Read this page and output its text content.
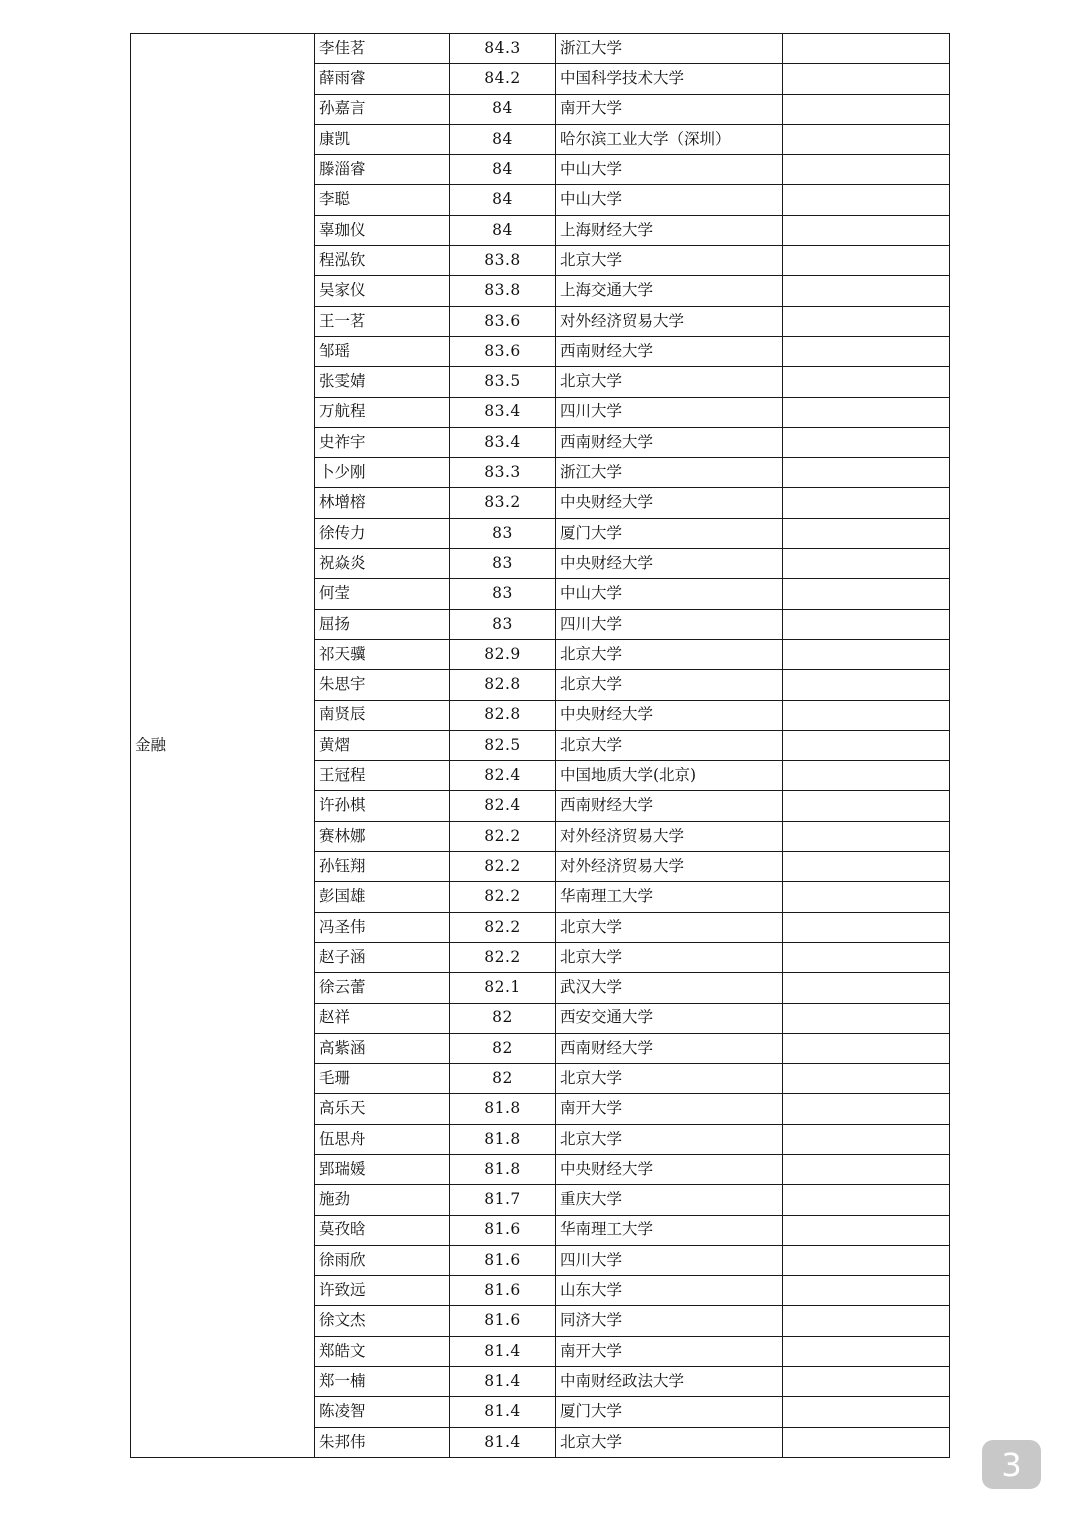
金融	李佳茗	84.3	浙江大学	
	薛雨睿	84.2	中国科学技术大学	
	孙嘉言	84	南开大学	
	康凯	84	哈尔滨工业大学（深圳）	
	滕淄睿	84	中山大学	
	李聪	84	中山大学	
	辜珈仪	84	上海财经大学	
	程泓钦	83.8	北京大学	
	吴家仪	83.8	上海交通大学	
	王一茗	83.6	对外经济贸易大学	
	邹瑶	83.6	西南财经大学	
	张雯婧	83.5	北京大学	
	万航程	83.4	四川大学	
	史祚宇	83.4	西南财经大学	
	卜少刚	83.3	浙江大学	
	林增榕	83.2	中央财经大学	
	徐传力	83	厦门大学	
	祝焱炎	83	中央财经大学	
	何莹	83	中山大学	
	屈扬	83	四川大学	
	祁天骥	82.9	北京大学	
	朱思宇	82.8	北京大学	
	南贤辰	82.8	中央财经大学	
	黄熠	82.5	北京大学	
	王冠程	82.4	中国地质大学(北京)	
	许孙棋	82.4	西南财经大学	
	赛林娜	82.2	对外经济贸易大学	
	孙钰翔	82.2	对外经济贸易大学	
	彭国雄	82.2	华南理工大学	
	冯圣伟	82.2	北京大学	
	赵子涵	82.2	北京大学	
	徐云蕾	82.1	武汉大学	
	赵祥	82	西安交通大学	
	高紫涵	82	西南财经大学	
	毛珊	82	北京大学	
	高乐天	81.8	南开大学	
	伍思舟	81.8	北京大学	
	郢瑞媛	81.8	中央财经大学	
	施劲	81.7	重庆大学	
	莫孜晗	81.6	华南理工大学	
	徐雨欣	81.6	四川大学	
	许致远	81.6	山东大学	
	徐文杰	81.6	同济大学	
	郑皓文	81.4	南开大学	
	郑一楠	81.4	中南财经政法大学	
	陈凌智	81.4	厦门大学	
	朱邦伟	81.4	北京大学	
3
